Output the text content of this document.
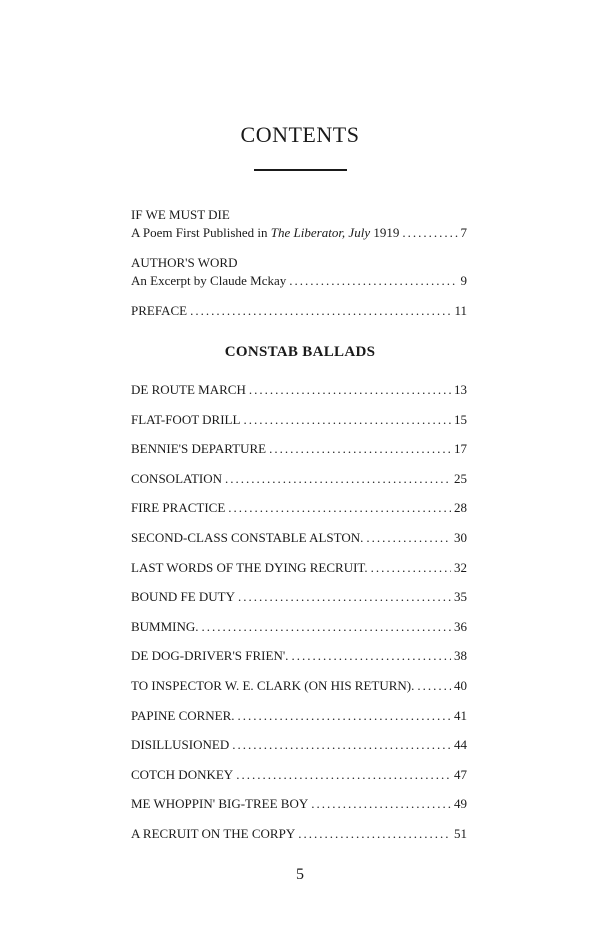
CONTENTS
IF WE MUST DIE
A Poem First Published in The Liberator, July 1919 .....	7
AUTHOR'S WORD
An Excerpt by Claude Mckay .....	9
PREFACE .....	11
CONSTAB BALLADS
DE ROUTE MARCH .....	13
FLAT-FOOT DRILL .....	15
BENNIE'S DEPARTURE .....	17
CONSOLATION .....	25
FIRE PRACTICE .....	28
SECOND-CLASS CONSTABLE ALSTON. .....	30
LAST WORDS OF THE DYING RECRUIT. .....	32
BOUND FE DUTY .....	35
BUMMING. .....	36
DE DOG-DRIVER'S FRIEN'. .....	38
TO INSPECTOR W. E. CLARK (ON HIS RETURN). .....	40
PAPINE CORNER. .....	41
DISILLUSIONED .....	44
COTCH DONKEY .....	47
ME WHOPPIN' BIG-TREE BOY .....	49
A RECRUIT ON THE CORPY .....	51
5
